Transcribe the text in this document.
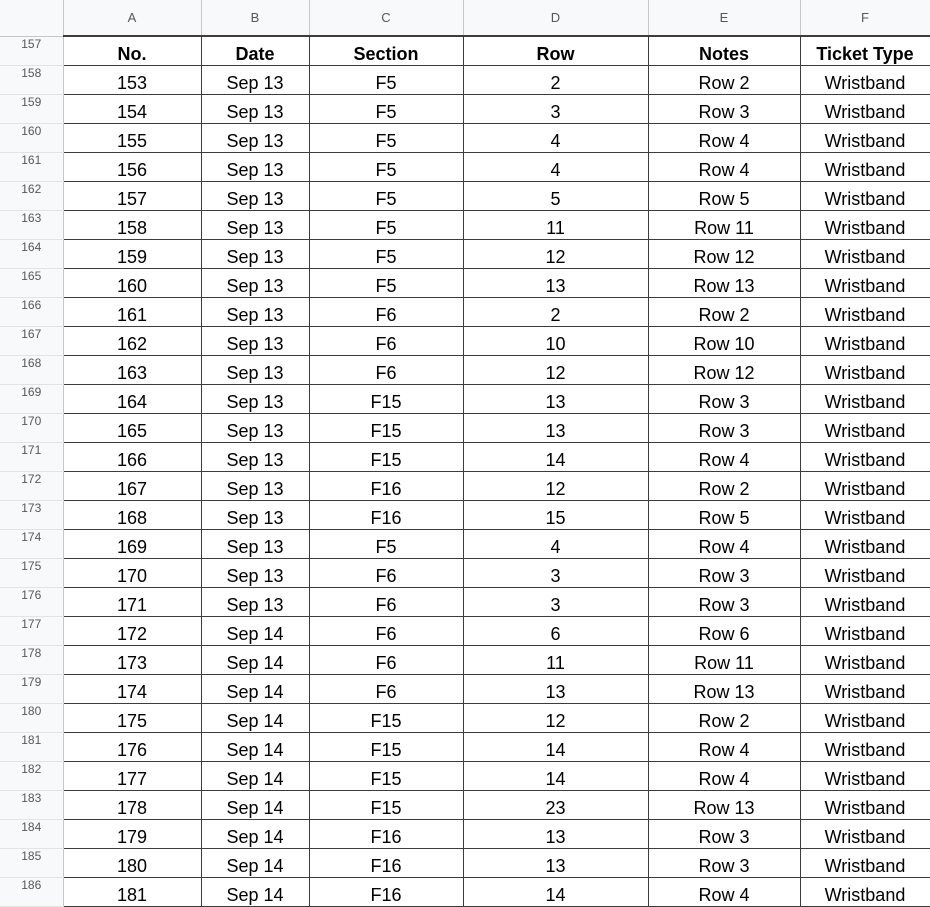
	A	B	C	D	E	F
157	No.	Date	Section	Row	Notes	Ticket Type
158	153	Sep 13	F5	2	Row 2	Wristband
159	154	Sep 13	F5	3	Row 3	Wristband
160	155	Sep 13	F5	4	Row 4	Wristband
161	156	Sep 13	F5	4	Row 4	Wristband
162	157	Sep 13	F5	5	Row 5	Wristband
163	158	Sep 13	F5	11	Row 11	Wristband
164	159	Sep 13	F5	12	Row 12	Wristband
165	160	Sep 13	F5	13	Row 13	Wristband
166	161	Sep 13	F6	2	Row 2	Wristband
167	162	Sep 13	F6	10	Row 10	Wristband
168	163	Sep 13	F6	12	Row 12	Wristband
169	164	Sep 13	F15	13	Row 3	Wristband
170	165	Sep 13	F15	13	Row 3	Wristband
171	166	Sep 13	F15	14	Row 4	Wristband
172	167	Sep 13	F16	12	Row 2	Wristband
173	168	Sep 13	F16	15	Row 5	Wristband
174	169	Sep 13	F5	4	Row 4	Wristband
175	170	Sep 13	F6	3	Row 3	Wristband
176	171	Sep 13	F6	3	Row 3	Wristband
177	172	Sep 14	F6	6	Row 6	Wristband
178	173	Sep 14	F6	11	Row 11	Wristband
179	174	Sep 14	F6	13	Row 13	Wristband
180	175	Sep 14	F15	12	Row 2	Wristband
181	176	Sep 14	F15	14	Row 4	Wristband
182	177	Sep 14	F15	14	Row 4	Wristband
183	178	Sep 14	F15	23	Row 13	Wristband
184	179	Sep 14	F16	13	Row 3	Wristband
185	180	Sep 14	F16	13	Row 3	Wristband
186	181	Sep 14	F16	14	Row 4	Wristband
